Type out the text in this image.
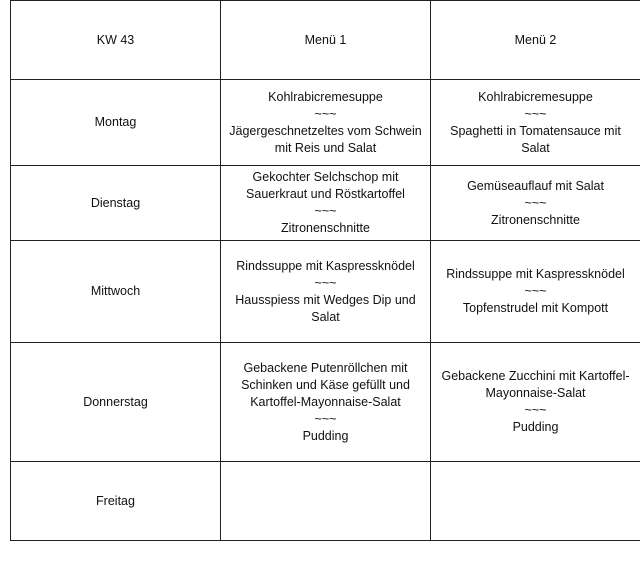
KW 43	Menü 1	Menü 2
Montag	Kohlrabicremesuppe
~~~
Jägergeschnetzeltes vom Schwein
mit Reis und Salat	Kohlrabicremesuppe
~~~
Spaghetti in Tomatensauce mit
Salat

Dienstag	Gekochter Selchschop mit
Sauerkraut und Röstkartoffel
~~~
Zitronenschnitte	Gemüseauflauf mit Salat
~~~
Zitronenschnitte

Mittwoch	Rindssuppe mit Kaspressknödel
~~~
Hausspiess mit Wedges Dip und
Salat	Rindssuppe mit Kaspressknödel
~~~
Topfenstrudel mit Kompott

Donnerstag	Gebackene Putenröllchen mit
Schinken und Käse gefüllt und
Kartoffel-Mayonnaise-Salat
~~~
Pudding	Gebackene Zucchini mit Kartoffel-
Mayonnaise-Salat
~~~
Pudding

Freitag		
